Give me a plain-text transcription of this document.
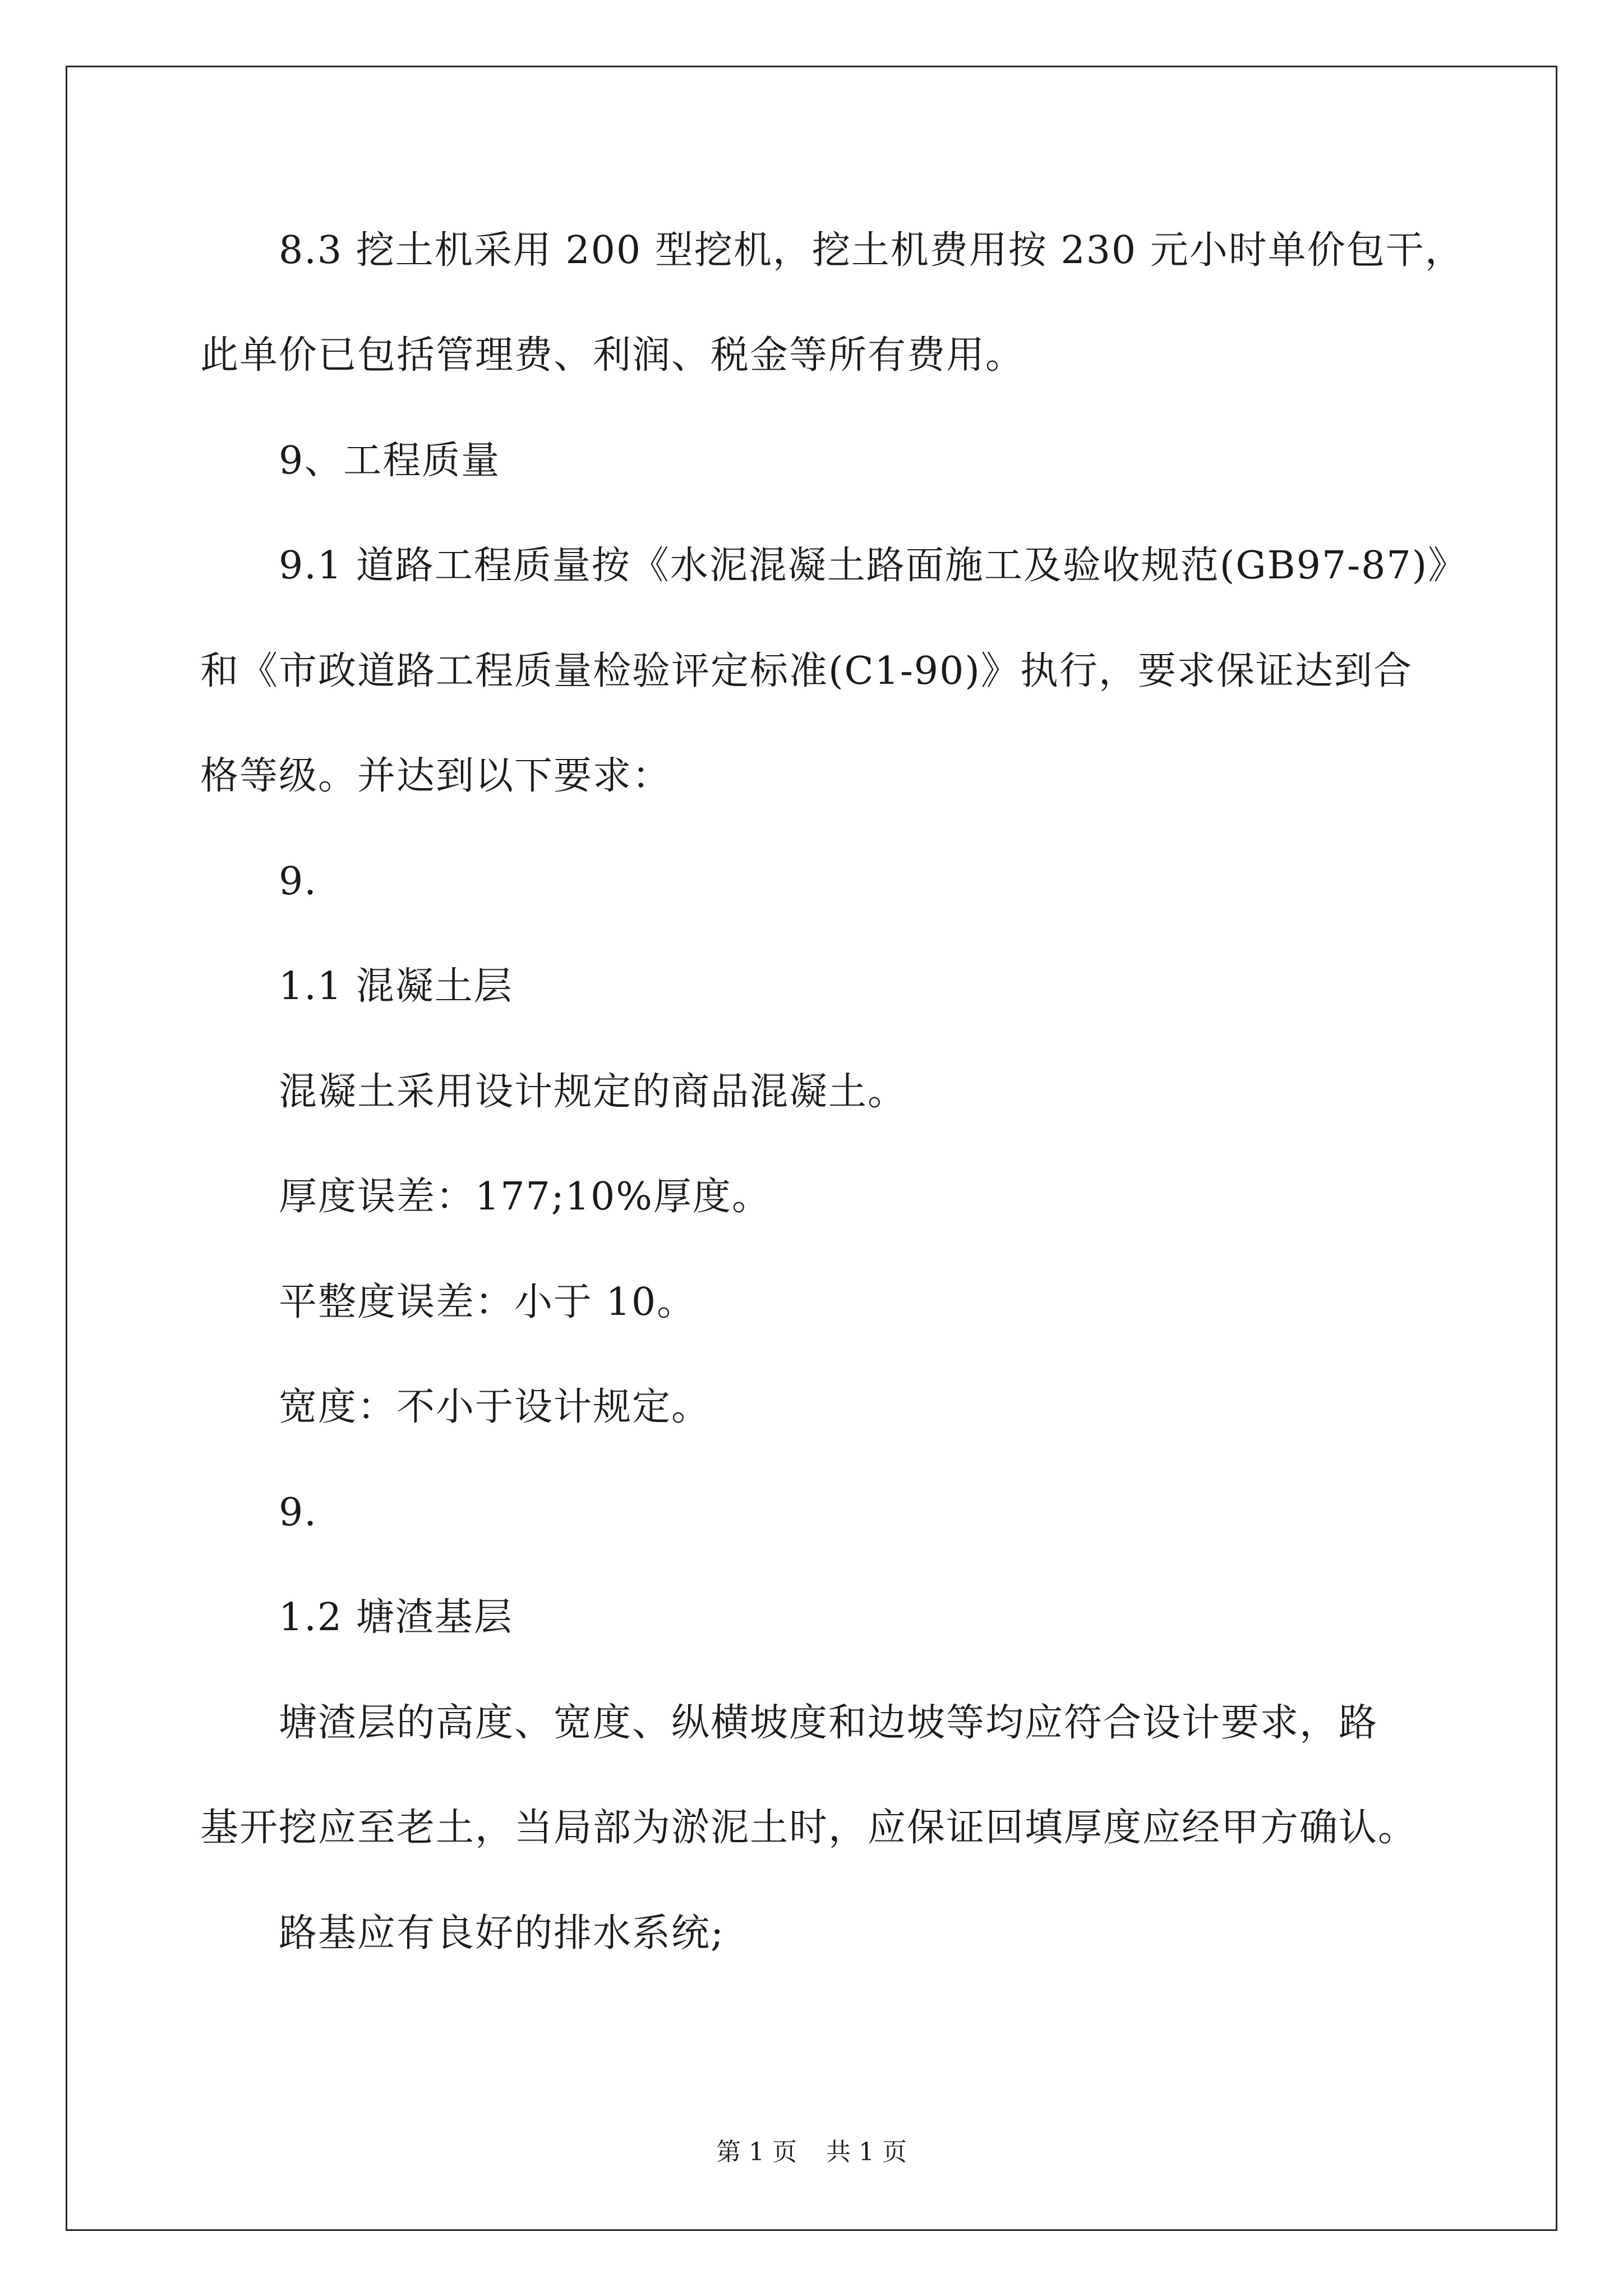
8.3 挖土机采用 200 型挖机，挖土机费用按 230 元小时单价包干，
此单价已包括管理费、利润、税金等所有费用。
9、工程质量
9.1 道路工程质量按《水泥混凝土路面施工及验收规范(GB97-87)》
和《市政道路工程质量检验评定标准(C1-90)》执行，要求保证达到合
格等级。并达到以下要求：
9.
1.1 混凝土层
混凝土采用设计规定的商品混凝土。
厚度误差：177;10%厚度。
平整度误差：小于 10。
宽度：不小于设计规定。
9.
1.2 塘渣基层
塘渣层的高度、宽度、纵横坡度和边坡等均应符合设计要求，路
基开挖应至老土，当局部为淤泥土时，应保证回填厚度应经甲方确认。
路基应有良好的排水系统;
第 1 页 共 1 页
